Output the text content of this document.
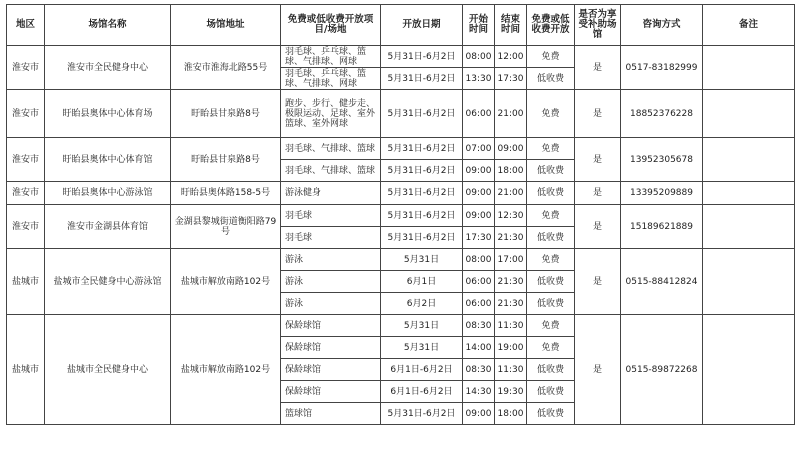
地区	场馆名称	场馆地址	免费或低收费开放项目/场地	开放日期	开始时间	结束时间	免费或低收费开放	是否为享受补助场馆	咨询方式	备注
淮安市	淮安市全民健身中心	淮安市淮海北路55号	羽毛球、乒乓球、篮球、气排球、网球	5月31日-6月2日	08:00	12:00	免费	是	0517-83182999	
			羽毛球、乒乓球、篮球、气排球、网球	5月31日-6月2日	13:30	17:30	低收费			
淮安市	盱眙县奥体中心体育场	盱眙县甘泉路8号	跑步、步行、健步走、极限运动、足球、室外篮球、室外网球	5月31日-6月2日	06:00	21:00	免费	是	18852376228	
淮安市	盱眙县奥体中心体育馆	盱眙县甘泉路8号	羽毛球、气排球、篮球	5月31日-6月2日	07:00	09:00	免费	是	13952305678	
			羽毛球、气排球、篮球	5月31日-6月2日	09:00	18:00	低收费			
淮安市	盱眙县奥体中心游泳馆	盱眙县奥体路158-5号	游泳健身	5月31日-6月2日	09:00	21:00	低收费	是	13395209889	
淮安市	淮安市金湖县体育馆	金湖县黎城街道衡阳路79号	羽毛球	5月31日-6月2日	09:00	12:30	免费	是	15189621889	
			羽毛球	5月31日-6月2日	17:30	21:30	低收费			
盐城市	盐城市全民健身中心游泳馆	盐城市解放南路102号	游泳	5月31日	08:00	17:00	免费	是	0515-88412824	
			游泳	6月1日	06:00	21:30	低收费			
			游泳	6月2日	06:00	21:30	低收费			
盐城市	盐城市全民健身中心	盐城市解放南路102号	保龄球馆	5月31日	08:30	11:30	免费	是	0515-89872268	
			保龄球馆	5月31日	14:00	19:00	免费			
			保龄球馆	6月1日-6月2日	08:30	11:30	低收费			
			保龄球馆	6月1日-6月2日	14:30	19:30	低收费			
			篮球馆	5月31日-6月2日	09:00	18:00	低收费			
